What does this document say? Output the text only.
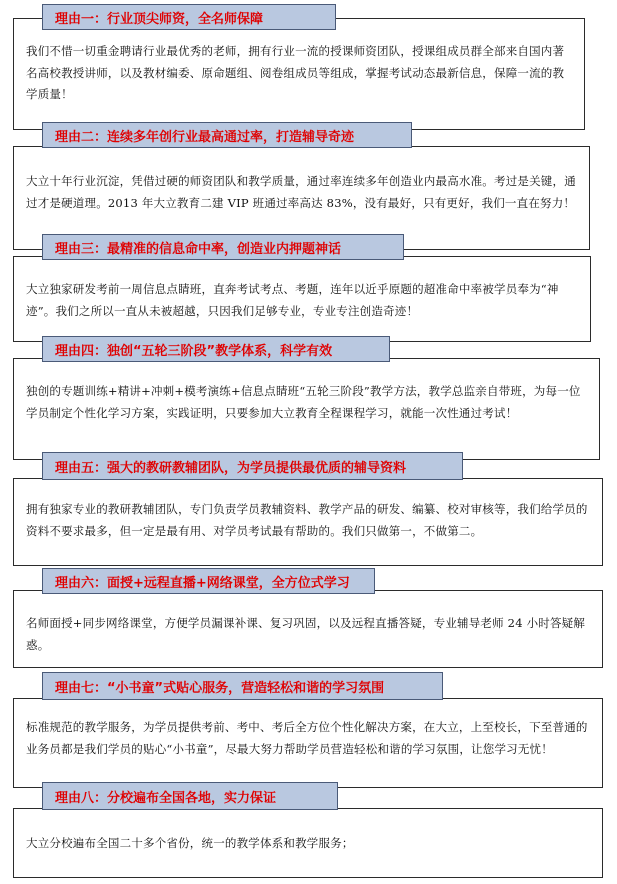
我们不惜一切重金聘请行业最优秀的老师，拥有行业一流的授课师资团队，授课组成员群全部来自国内著名高校教授讲师，以及教材编委、原命题组、阅卷组成员等组成，掌握考试动态最新信息，保障一流的教学质量！
理由一：行业顶尖师资，全名师保障
大立十年行业沉淀，凭借过硬的师资团队和教学质量，通过率连续多年创造业内最高水准。考过是关键，通过才是硬道理。2013 年大立教育二建 VIP 班通过率高达 83%，没有最好，只有更好，我们一直在努力！
理由二：连续多年创行业最高通过率，打造辅导奇迹
大立独家研发考前一周信息点睛班，直奔考试考点、考题，连年以近乎原题的超准命中率被学员奉为“神迹”。我们之所以一直从未被超越，只因我们足够专业，专业专注创造奇迹！
理由三：最精准的信息命中率，创造业内押题神话
独创的专题训练+精讲+冲刺+模考演练+信息点睛班“五轮三阶段”教学方法，教学总监亲自带班，为每一位学员制定个性化学习方案，实践证明，只要参加大立教育全程课程学习，就能一次性通过考试！
理由四：独创“五轮三阶段”教学体系，科学有效
拥有独家专业的教研教辅团队，专门负责学员教辅资料、教学产品的研发、编纂、校对审核等，我们给学员的资料不要求最多，但一定是最有用、对学员考试最有帮助的。我们只做第一，不做第二。
理由五：强大的教研教辅团队，为学员提供最优质的辅导资料
名师面授+同步网络课堂，方便学员漏课补课、复习巩固，以及远程直播答疑，专业辅导老师 24 小时答疑解惑。
理由六：面授+远程直播+网络课堂，全方位式学习
标准规范的教学服务，为学员提供考前、考中、考后全方位个性化解决方案，在大立，上至校长，下至普通的业务员都是我们学员的贴心“小书童”，尽最大努力帮助学员营造轻松和谐的学习氛围，让您学习无忧！
理由七：“小书童”式贴心服务，营造轻松和谐的学习氛围
大立分校遍布全国二十多个省份，统一的教学体系和教学服务；
理由八：分校遍布全国各地，实力保证
